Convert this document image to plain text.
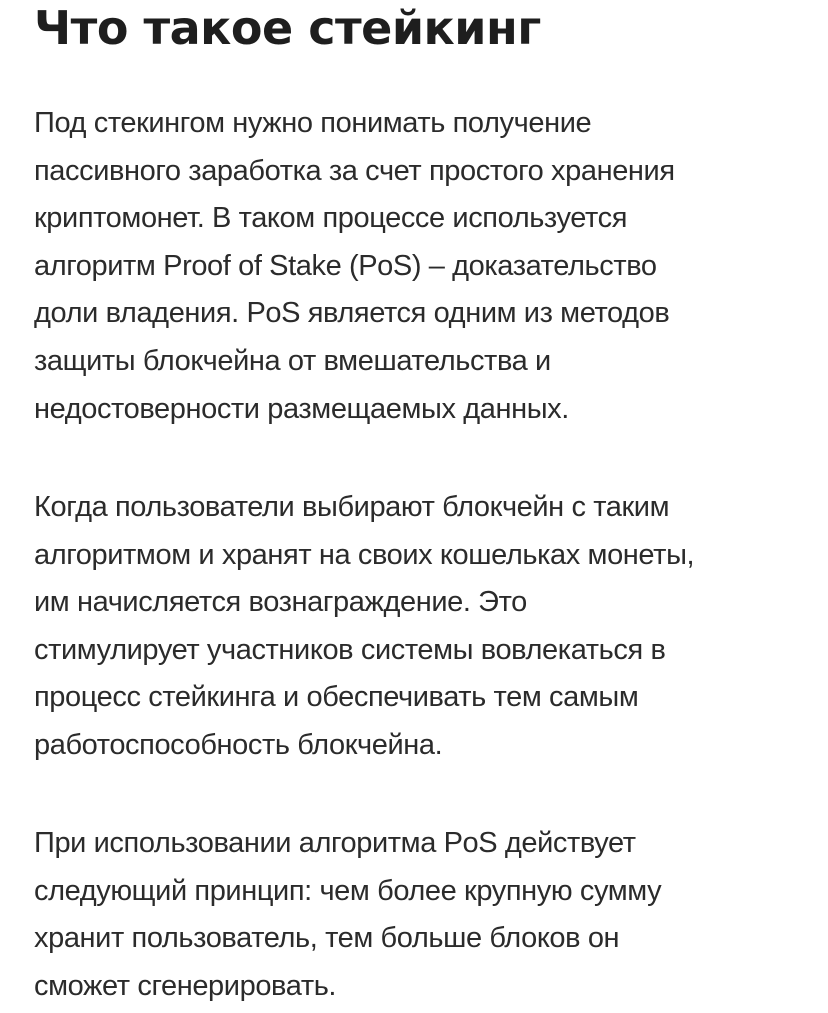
Что такое стейкинг

Под стекингом нужно понимать получение
пассивного заработка за счет простого хранения
криптомонет. В таком процессе используется
алгоритм Proof of Stake (PoS) – доказательство
доли владения. PoS является одним из методов
защиты блокчейна от вмешательства и
недостоверности размещаемых данных.

Когда пользователи выбирают блокчейн с таким
алгоритмом и хранят на своих кошельках монеты,
им начисляется вознаграждение. Это
стимулирует участников системы вовлекаться в
процесс стейкинга и обеспечивать тем самым
работоспособность блокчейна.

При использовании алгоритма PoS действует
следующий принцип: чем более крупную сумму
хранит пользователь, тем больше блоков он
сможет сгенерировать.
